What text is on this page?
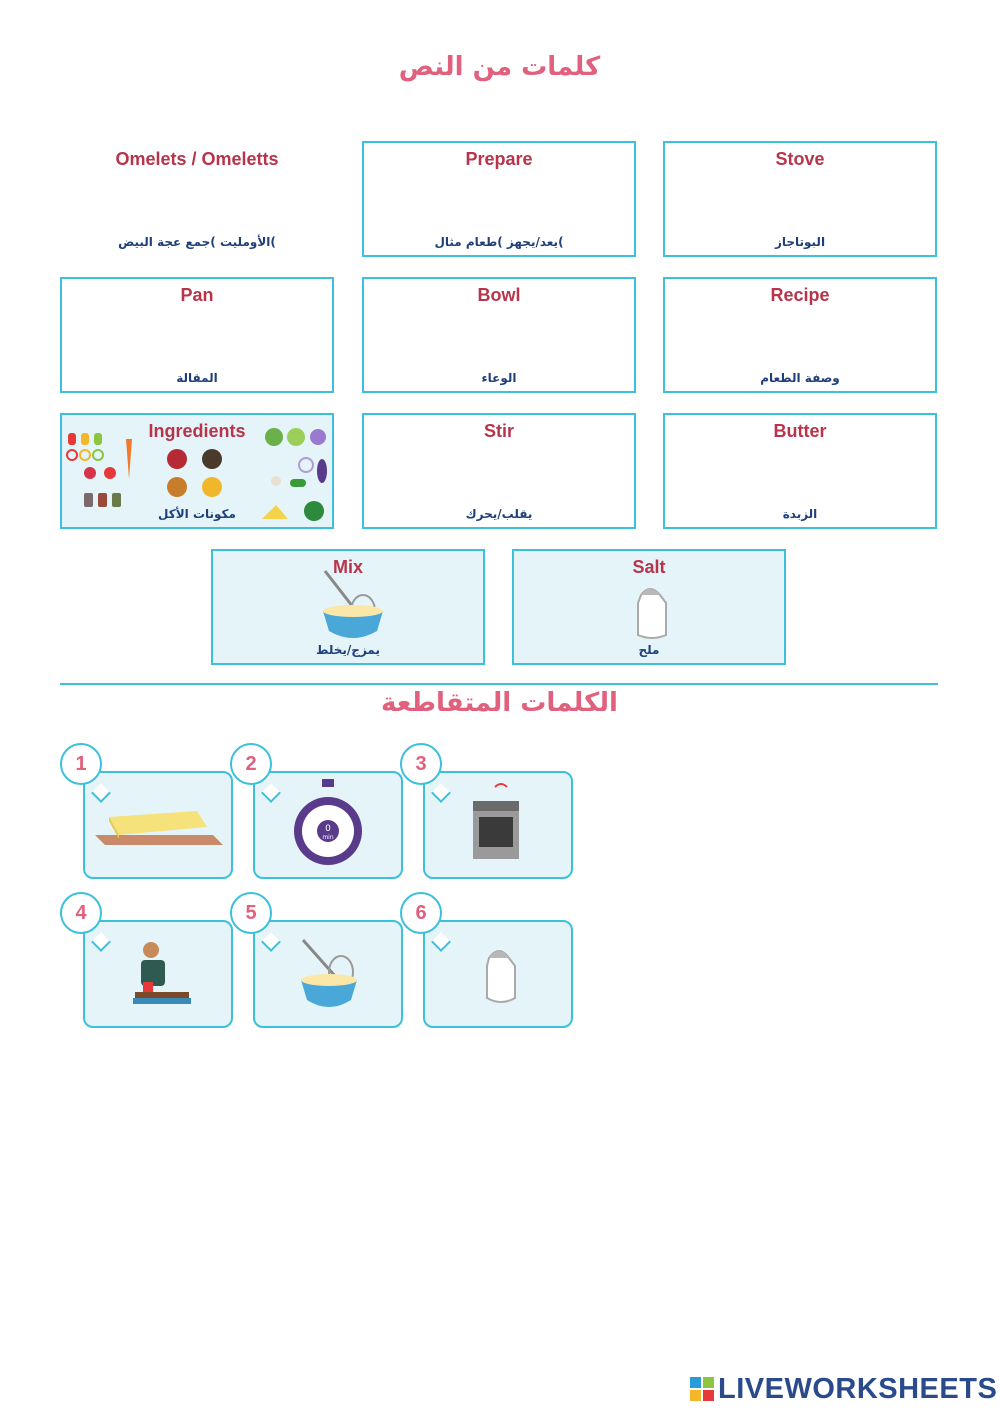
كلمات من النص
Omelets / Omeletts
الأومليت )جمع عجة البيض(
Prepare
يعد/يجهز )طعام مثال(
Stove
البوتاجاز
Pan
المقالة
Bowl
الوعاء
Recipe
وصفة الطعام
Ingredients
مكونات الأكل
Stir
يقلب/يحرك
Butter
الزبدة
Mix
يمزج/يخلط
Salt
ملح
الكلمات المتقاطعة
1
0
min
2	3
4	5	6
LIVEWORKSHEETS
